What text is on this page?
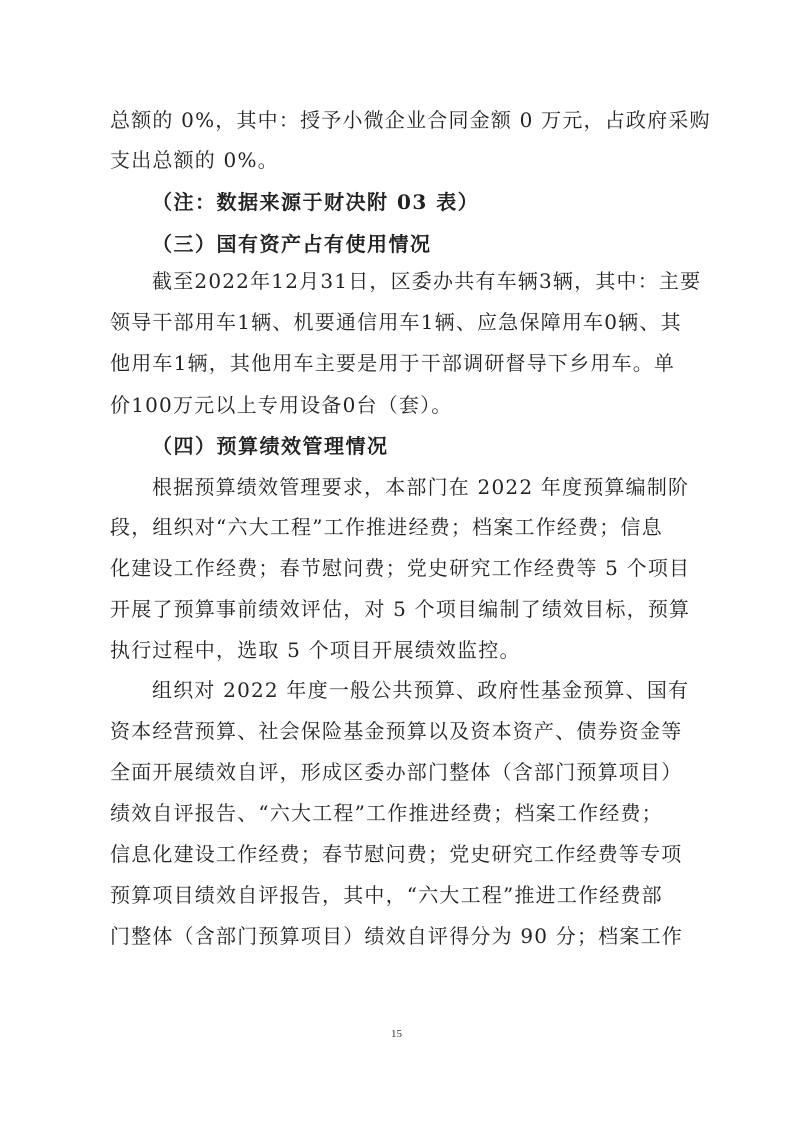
总额的 0%，其中：授予小微企业合同金额 0 万元，占政府采购
支出总额的 0%。
（注：数据来源于财决附 03 表）
（三）国有资产占有使用情况
截至2022年12月31日，区委办共有车辆3辆，其中：主要
领导干部用车1辆、机要通信用车1辆、应急保障用车0辆、其
他用车1辆，其他用车主要是用于干部调研督导下乡用车。单
价100万元以上专用设备0台（套）。
（四）预算绩效管理情况
根据预算绩效管理要求，本部门在 2022 年度预算编制阶
段，组织对“六大工程”工作推进经费；档案工作经费；信息
化建设工作经费；春节慰问费；党史研究工作经费等 5 个项目
开展了预算事前绩效评估，对 5 个项目编制了绩效目标，预算
执行过程中，选取 5 个项目开展绩效监控。
组织对 2022 年度一般公共预算、政府性基金预算、国有
资本经营预算、社会保险基金预算以及资本资产、债券资金等
全面开展绩效自评，形成区委办部门整体（含部门预算项目）
绩效自评报告、“六大工程”工作推进经费；档案工作经费；
信息化建设工作经费；春节慰问费；党史研究工作经费等专项
预算项目绩效自评报告，其中，“六大工程”推进工作经费部
门整体（含部门预算项目）绩效自评得分为 90 分；档案工作
15
